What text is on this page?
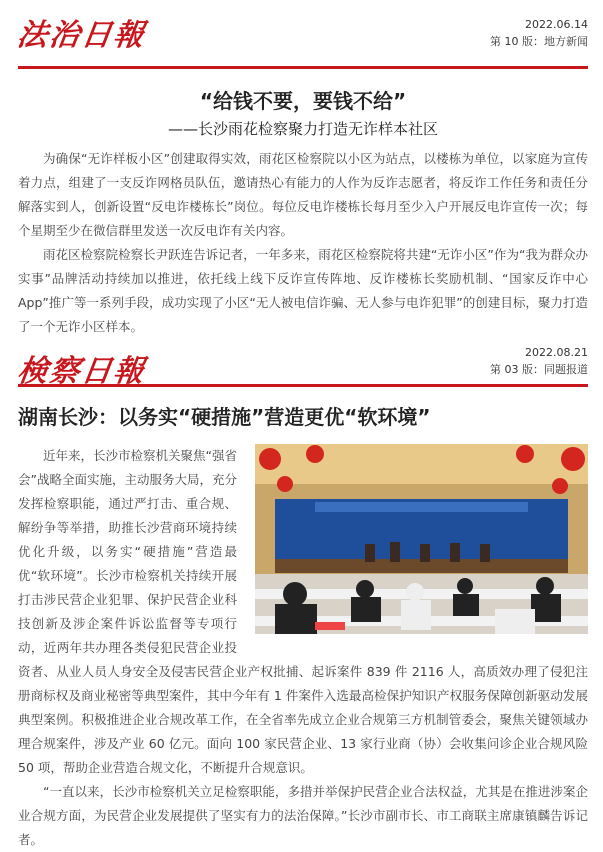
法治日報	2022.06.14
第 10 版：地方新闻
“给钱不要，要钱不给”
——长沙雨花检察聚力打造无诈样本社区

为确保“无诈样板小区”创建取得实效，雨花区检察院以小区为站点，以楼栋为单位，以家庭为宣传着力点，组建了一支反诈网格员队伍，邀请热心有能力的人作为反诈志愿者，将反诈工作任务和责任分解落实到人，创新设置“反电诈楼栋长”岗位。每位反电诈楼栋长每月至少入户开展反电诈宣传一次；每个星期至少在微信群里发送一次反电诈有关内容。

雨花区检察院检察长尹跃连告诉记者，一年多来，雨花区检察院将共建“无诈小区”作为“我为群众办实事”品牌活动持续加以推进，依托线上线下反诈宣传阵地、反诈楼栋长奖励机制、“国家反诈中心App”推广等一系列手段，成功实现了小区“无人被电信诈骗、无人参与电诈犯罪”的创建目标，聚力打造了一个无诈小区样本。

検察日報
2022.08.21
第 03 版：同题报道
湖南长沙：以务实“硬措施”营造更优“软环境”

近年来，长沙市检察机关聚焦“强省会”战略全面实施，主动服务大局，充分发挥检察职能，通过严打击、重合规、解纷争等举措，助推长沙营商环境持续优化升级，以务实“硬措施”营造最优“软环境”。长沙市检察机关持续开展打击涉民营企业犯罪、保护民营企业科技创新及涉企案件诉讼监督等专项行动，近两年共办理各类侵犯民营企业投资者、从业人员人身安全及侵害民营企业产权批捕、起诉案件 839 件 2116 人，高质效办理了侵犯注册商标权及商业秘密等典型案件，其中今年有 1 件案件入选最高检保护知识产权服务保障创新驱动发展典型案例。积极推进企业合规改革工作，在全省率先成立企业合规第三方机制管委会，聚焦关键领域办理合规案件，涉及产业 60 亿元。面向 100 家民营企业、13 家行业商（协）会收集问诊企业合规风险 50 项，帮助企业营造合规文化，不断提升合规意识。

“一直以来，长沙市检察机关立足检察职能，多措并举保护民营企业合法权益，尤其是在推进涉案企业合规方面，为民营企业发展提供了坚实有力的法治保障。”长沙市副市长、市工商联主席康镇麟告诉记者。
